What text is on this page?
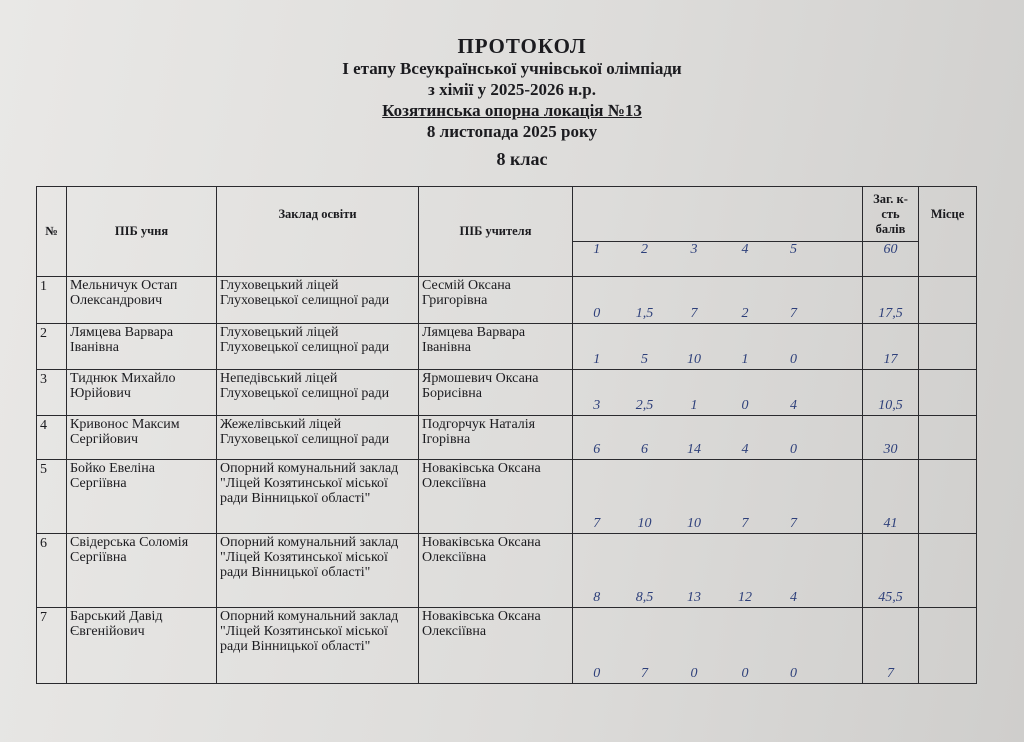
ПРОТОКОЛ
І етапу Всеукраїнської учнівської олімпіади
з хімії у 2025-2026 н.р.
Козятинська опорна локація №13
8 листопада 2025 року
8 клас
№	ПІБ учня	Заклад освіти	ПІБ учителя							Заг. к-сть балів	Місце
				1	2	3	4	5		60	
1	Мельничук Остап Олександрович	Глуховецький ліцей Глуховецької селищної ради	Сесмій Оксана Григорівна	0	1,5	7	2	7		17,5	
2	Лямцева Варвара Іванівна	Глуховецький ліцей Глуховецької селищної ради	Лямцева Варвара Іванівна	1	5	10	1	0		17	
3	Тиднюк Михайло Юрійович	Непедівський ліцей Глуховецької селищної ради	Ярмошевич Оксана Борисівна	3	2,5	1	0	4		10,5	
4	Кривонос Максим Сергійович	Жежелівський ліцей Глуховецької селищної ради	Подгорчук Наталія Ігорівна	6	6	14	4	0		30	
5	Бойко Евеліна Сергіївна	Опорний комунальний заклад "Ліцей Козятинської міської ради Вінницької області"	Новаківська Оксана Олексіївна	7	10	10	7	7		41	
6	Свідерська Соломія Сергіївна	Опорний комунальний заклад "Ліцей Козятинської міської ради Вінницької області"	Новаківська Оксана Олексіївна	8	8,5	13	12	4		45,5	
7	Барський Давід Євгенійович	Опорний комунальний заклад "Ліцей Козятинської міської ради Вінницької області"	Новаківська Оксана Олексіївна	0	7	0	0	0		7	
